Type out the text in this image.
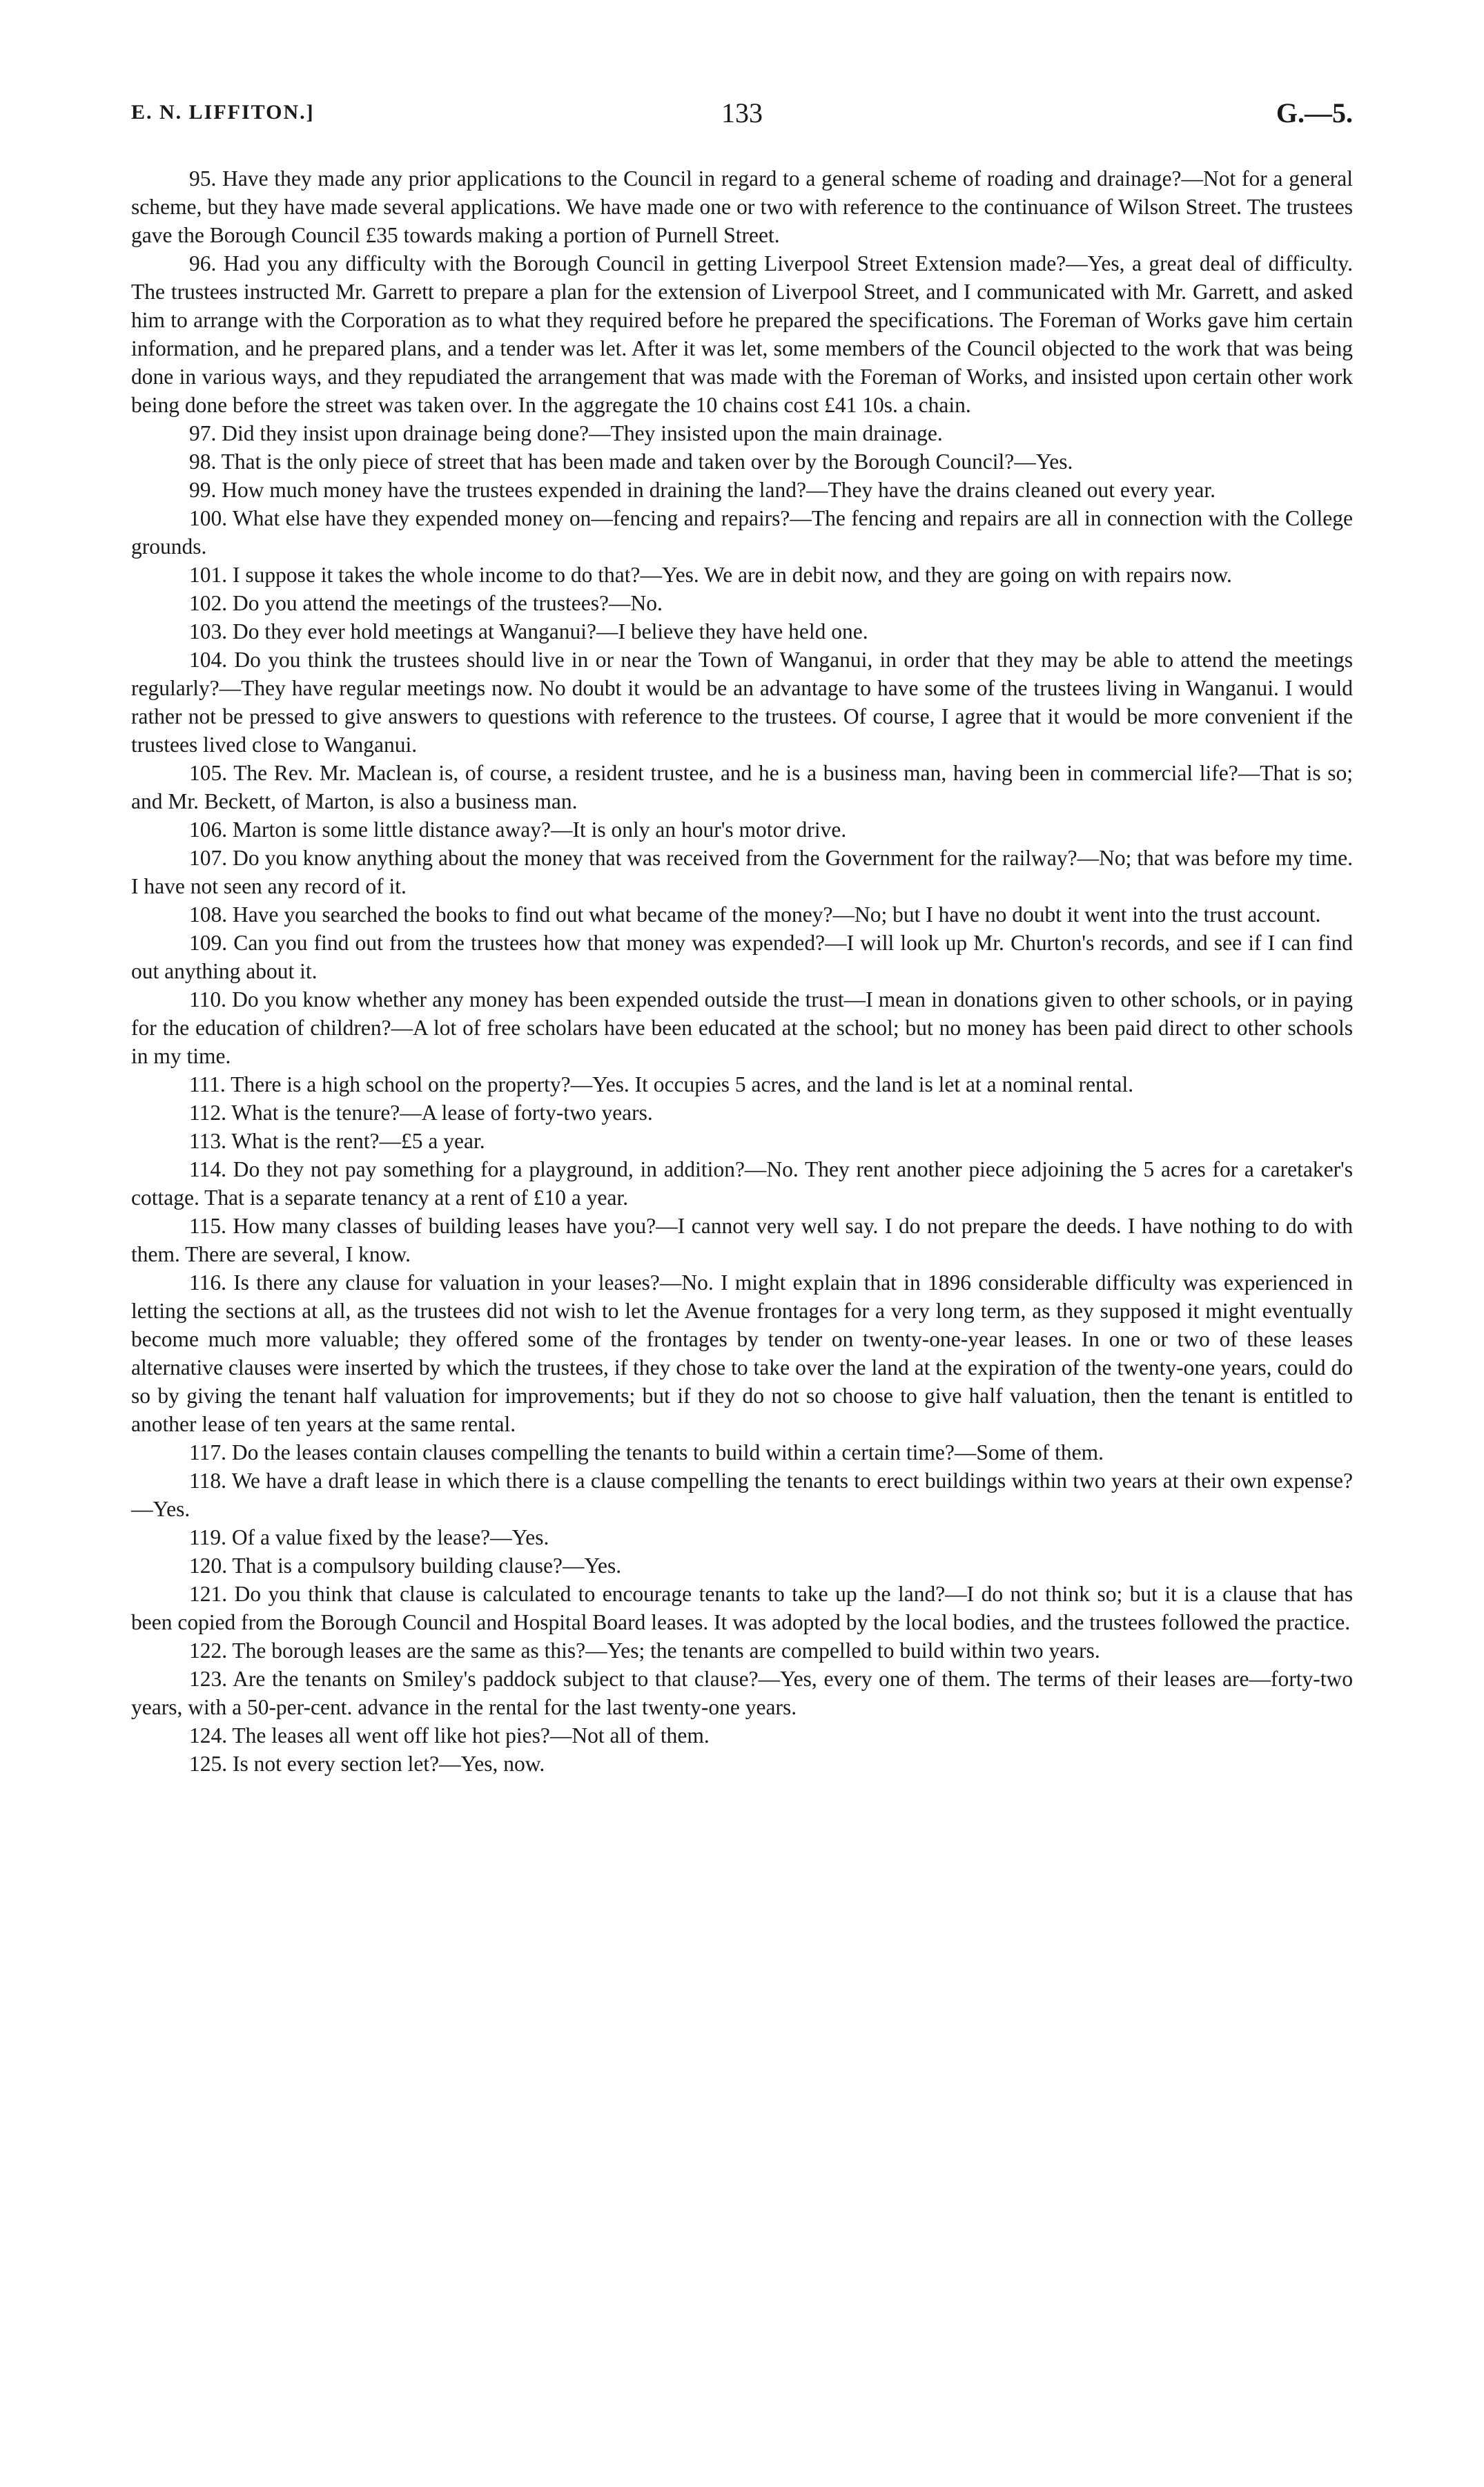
E. N. LIFFITON.]	133	G.—5.

95. Have they made any prior applications to the Council in regard to a general scheme of roading and drainage?—Not for a general scheme, but they have made several applications. We have made one or two with reference to the continuance of Wilson Street. The trustees gave the Borough Council £35 towards making a portion of Purnell Street.

96. Had you any difficulty with the Borough Council in getting Liverpool Street Extension made?—Yes, a great deal of difficulty. The trustees instructed Mr. Garrett to prepare a plan for the extension of Liverpool Street, and I communicated with Mr. Garrett, and asked him to arrange with the Corporation as to what they required before he prepared the specifications. The Foreman of Works gave him certain information, and he prepared plans, and a tender was let. After it was let, some members of the Council objected to the work that was being done in various ways, and they repudiated the arrangement that was made with the Foreman of Works, and insisted upon certain other work being done before the street was taken over. In the aggregate the 10 chains cost £41 10s. a chain.

97. Did they insist upon drainage being done?—They insisted upon the main drainage.

98. That is the only piece of street that has been made and taken over by the Borough Council?—Yes.

99. How much money have the trustees expended in draining the land?—They have the drains cleaned out every year.

100. What else have they expended money on—fencing and repairs?—The fencing and repairs are all in connection with the College grounds.

101. I suppose it takes the whole income to do that?—Yes. We are in debit now, and they are going on with repairs now.

102. Do you attend the meetings of the trustees?—No.

103. Do they ever hold meetings at Wanganui?—I believe they have held one.

104. Do you think the trustees should live in or near the Town of Wanganui, in order that they may be able to attend the meetings regularly?—They have regular meetings now. No doubt it would be an advantage to have some of the trustees living in Wanganui. I would rather not be pressed to give answers to questions with reference to the trustees. Of course, I agree that it would be more convenient if the trustees lived close to Wanganui.

105. The Rev. Mr. Maclean is, of course, a resident trustee, and he is a business man, having been in commercial life?—That is so; and Mr. Beckett, of Marton, is also a business man.

106. Marton is some little distance away?—It is only an hour's motor drive.

107. Do you know anything about the money that was received from the Government for the railway?—No; that was before my time. I have not seen any record of it.

108. Have you searched the books to find out what became of the money?—No; but I have no doubt it went into the trust account.

109. Can you find out from the trustees how that money was expended?—I will look up Mr. Churton's records, and see if I can find out anything about it.

110. Do you know whether any money has been expended outside the trust—I mean in donations given to other schools, or in paying for the education of children?—A lot of free scholars have been educated at the school; but no money has been paid direct to other schools in my time.

111. There is a high school on the property?—Yes. It occupies 5 acres, and the land is let at a nominal rental.

112. What is the tenure?—A lease of forty-two years.

113. What is the rent?—£5 a year.

114. Do they not pay something for a playground, in addition?—No. They rent another piece adjoining the 5 acres for a caretaker's cottage. That is a separate tenancy at a rent of £10 a year.

115. How many classes of building leases have you?—I cannot very well say. I do not prepare the deeds. I have nothing to do with them. There are several, I know.

116. Is there any clause for valuation in your leases?—No. I might explain that in 1896 considerable difficulty was experienced in letting the sections at all, as the trustees did not wish to let the Avenue frontages for a very long term, as they supposed it might eventually become much more valuable; they offered some of the frontages by tender on twenty-one-year leases. In one or two of these leases alternative clauses were inserted by which the trustees, if they chose to take over the land at the expiration of the twenty-one years, could do so by giving the tenant half valuation for improvements; but if they do not so choose to give half valuation, then the tenant is entitled to another lease of ten years at the same rental.

117. Do the leases contain clauses compelling the tenants to build within a certain time?—Some of them.

118. We have a draft lease in which there is a clause compelling the tenants to erect buildings within two years at their own expense?—Yes.

119. Of a value fixed by the lease?—Yes.

120. That is a compulsory building clause?—Yes.

121. Do you think that clause is calculated to encourage tenants to take up the land?—I do not think so; but it is a clause that has been copied from the Borough Council and Hospital Board leases. It was adopted by the local bodies, and the trustees followed the practice.

122. The borough leases are the same as this?—Yes; the tenants are compelled to build within two years.

123. Are the tenants on Smiley's paddock subject to that clause?—Yes, every one of them. The terms of their leases are—forty-two years, with a 50-per-cent. advance in the rental for the last twenty-one years.

124. The leases all went off like hot pies?—Not all of them.

125. Is not every section let?—Yes, now.
